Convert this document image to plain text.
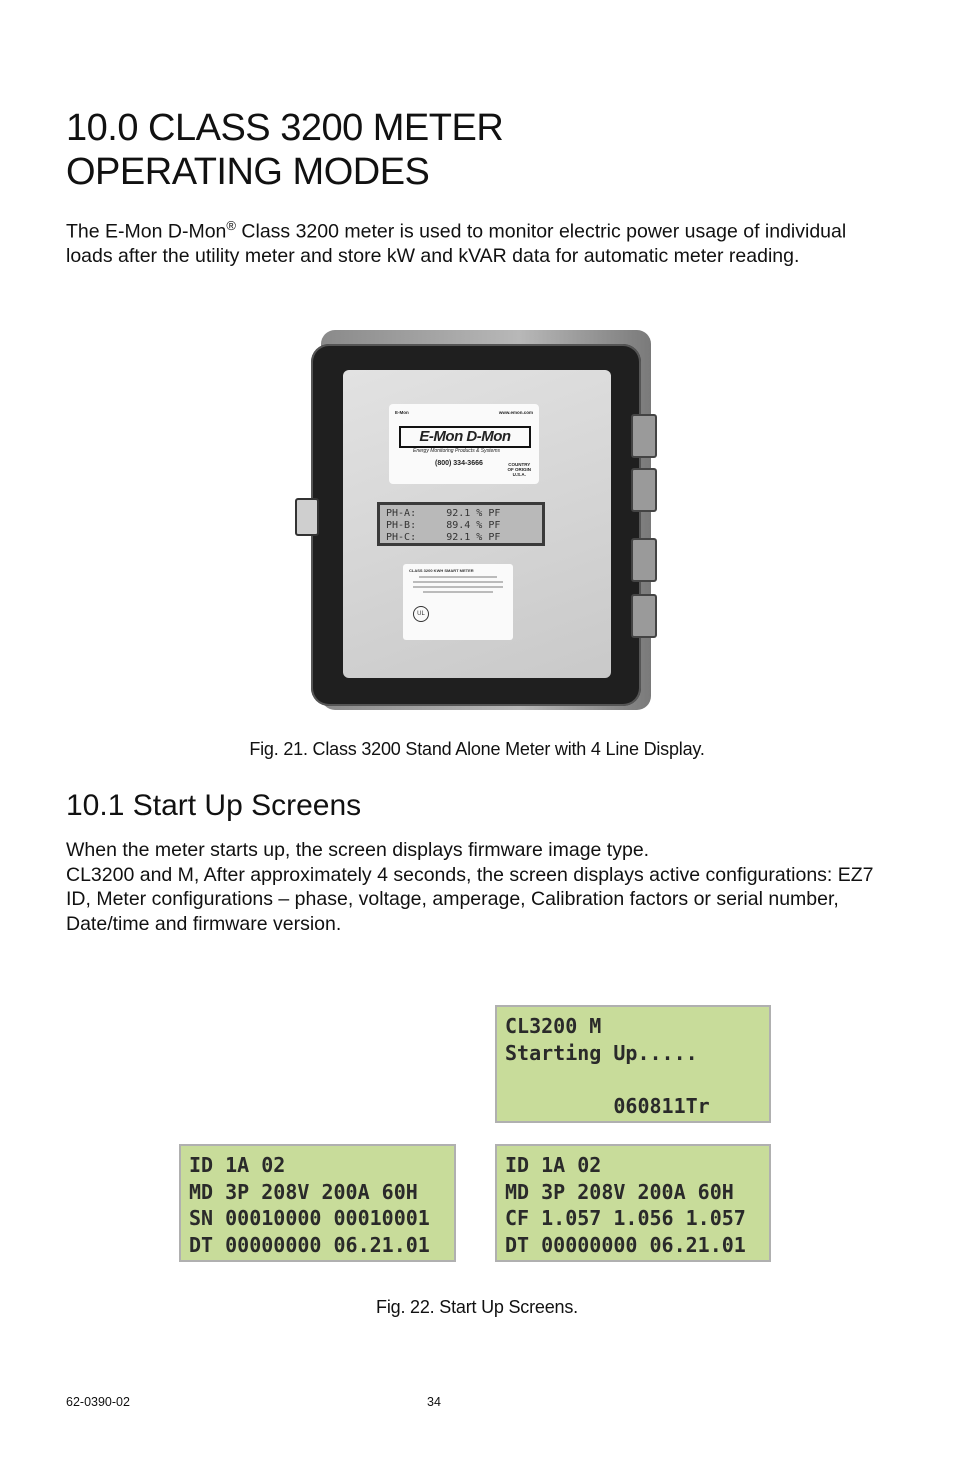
10.0 CLASS 3200 METER
OPERATING MODES
The E-Mon D-Mon® Class 3200 meter is used to monitor electric power usage of individual loads after the utility meter and store kW and kVAR data for automatic meter reading.
E-Mon	www.emon.com
E-Mon D-Mon
Energy Monitoring Products & Systems
(800) 334-3666	COUNTRY
OF ORIGIN
U.S.A.
PH-A:     92.1 % PF
PH-B:     89.4 % PF
PH-C:     92.1 % PF
CLASS 3200 KWH SMART METER
UL
Fig. 21. Class 3200 Stand Alone Meter with 4 Line Display.
10.1 Start Up Screens
When the meter starts up, the screen displays firmware image type.
CL3200 and M, After approximately 4 seconds, the screen displays active configurations: EZ7 ID, Meter configurations – phase, voltage, amperage, Calibration factors or serial number, Date/time and firmware version.
CL3200 M
Starting Up.....
060811Tr
ID 1A 02
MD 3P 208V 200A 60H
SN 00010000 00010001
DT 00000000 06.21.01
ID 1A 02
MD 3P 208V 200A 60H
CF 1.057 1.056 1.057
DT 00000000 06.21.01
Fig. 22. Start Up Screens.
62-0390-02	34
